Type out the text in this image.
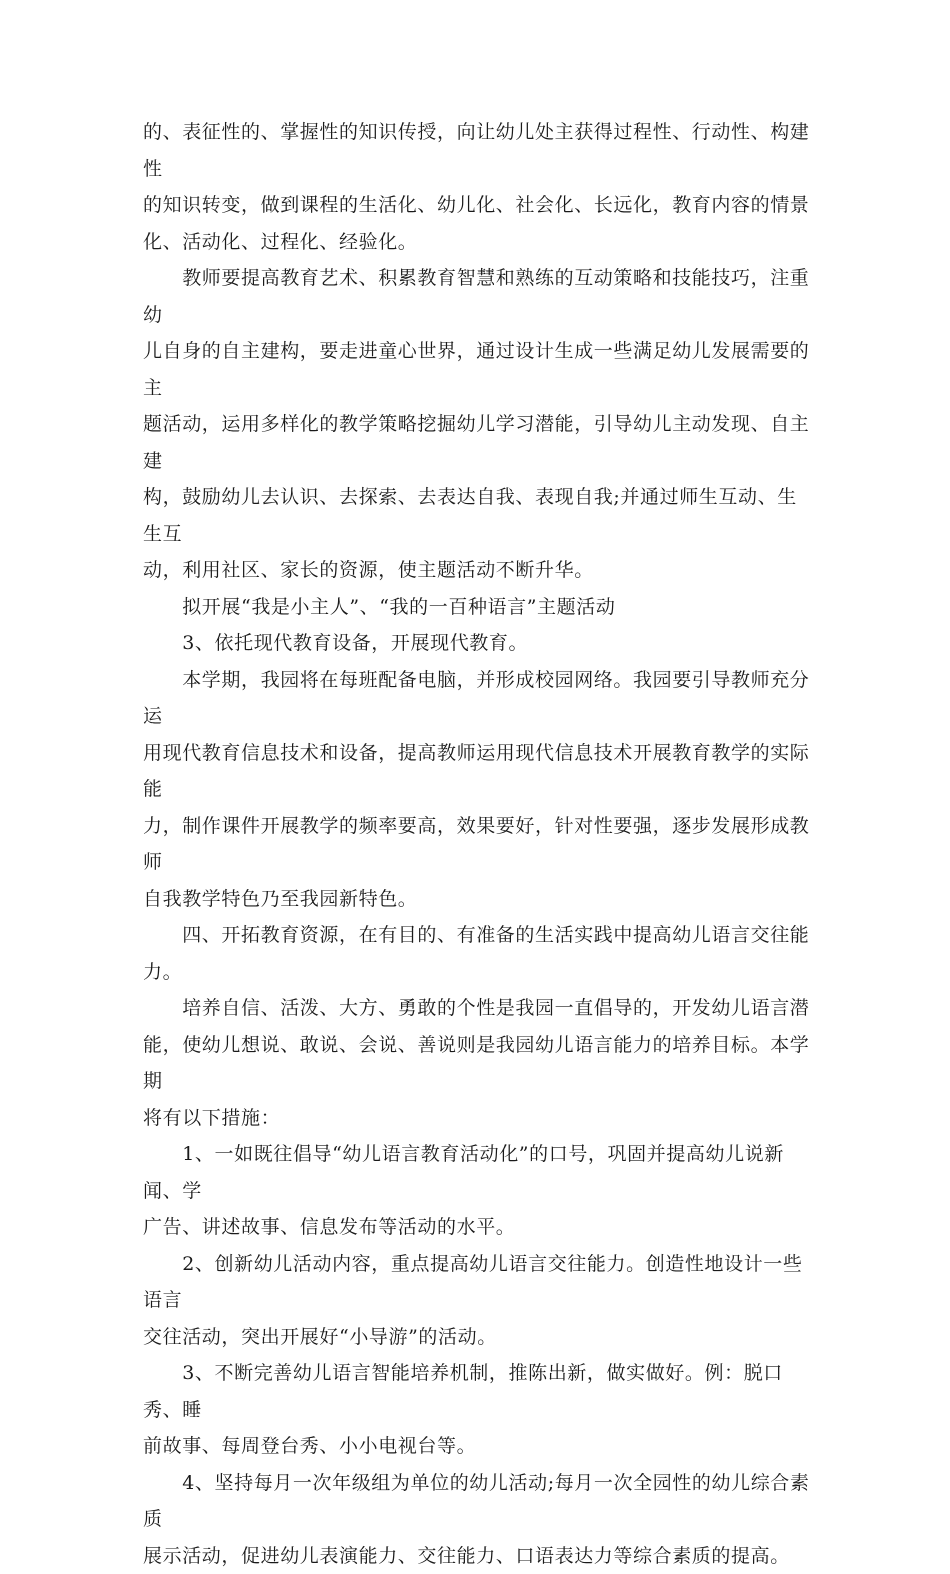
的、表征性的、掌握性的知识传授，向让幼儿处主获得过程性、行动性、构建性
的知识转变，做到课程的生活化、幼儿化、社会化、长远化，教育内容的情景
化、活动化、过程化、经验化。

　　教师要提高教育艺术、积累教育智慧和熟练的互动策略和技能技巧，注重幼
儿自身的自主建构，要走进童心世界，通过设计生成一些满足幼儿发展需要的主
题活动，运用多样化的教学策略挖掘幼儿学习潜能，引导幼儿主动发现、自主建
构，鼓励幼儿去认识、去探索、去表达自我、表现自我;并通过师生互动、生生互
动，利用社区、家长的资源，使主题活动不断升华。

　　拟开展“我是小主人”、“我的一百种语言”主题活动

　　3、依托现代教育设备，开展现代教育。

　　本学期，我园将在每班配备电脑，并形成校园网络。我园要引导教师充分运
用现代教育信息技术和设备，提高教师运用现代信息技术开展教育教学的实际能
力，制作课件开展教学的频率要高，效果要好，针对性要强，逐步发展形成教师
自我教学特色乃至我园新特色。

　　四、开拓教育资源，在有目的、有准备的生活实践中提高幼儿语言交往能
力。

　　培养自信、活泼、大方、勇敢的个性是我园一直倡导的，开发幼儿语言潜
能，使幼儿想说、敢说、会说、善说则是我园幼儿语言能力的培养目标。本学期
将有以下措施：

　　1、一如既往倡导“幼儿语言教育活动化”的口号，巩固并提高幼儿说新闻、学
广告、讲述故事、信息发布等活动的水平。

　　2、创新幼儿活动内容，重点提高幼儿语言交往能力。创造性地设计一些语言
交往活动，突出开展好“小导游”的活动。

　　3、不断完善幼儿语言智能培养机制，推陈出新，做实做好。例：脱口秀、睡
前故事、每周登台秀、小小电视台等。

　　4、坚持每月一次年级组为单位的幼儿活动;每月一次全园性的幼儿综合素质
展示活动，促进幼儿表演能力、交往能力、口语表达力等综合素质的提高。
